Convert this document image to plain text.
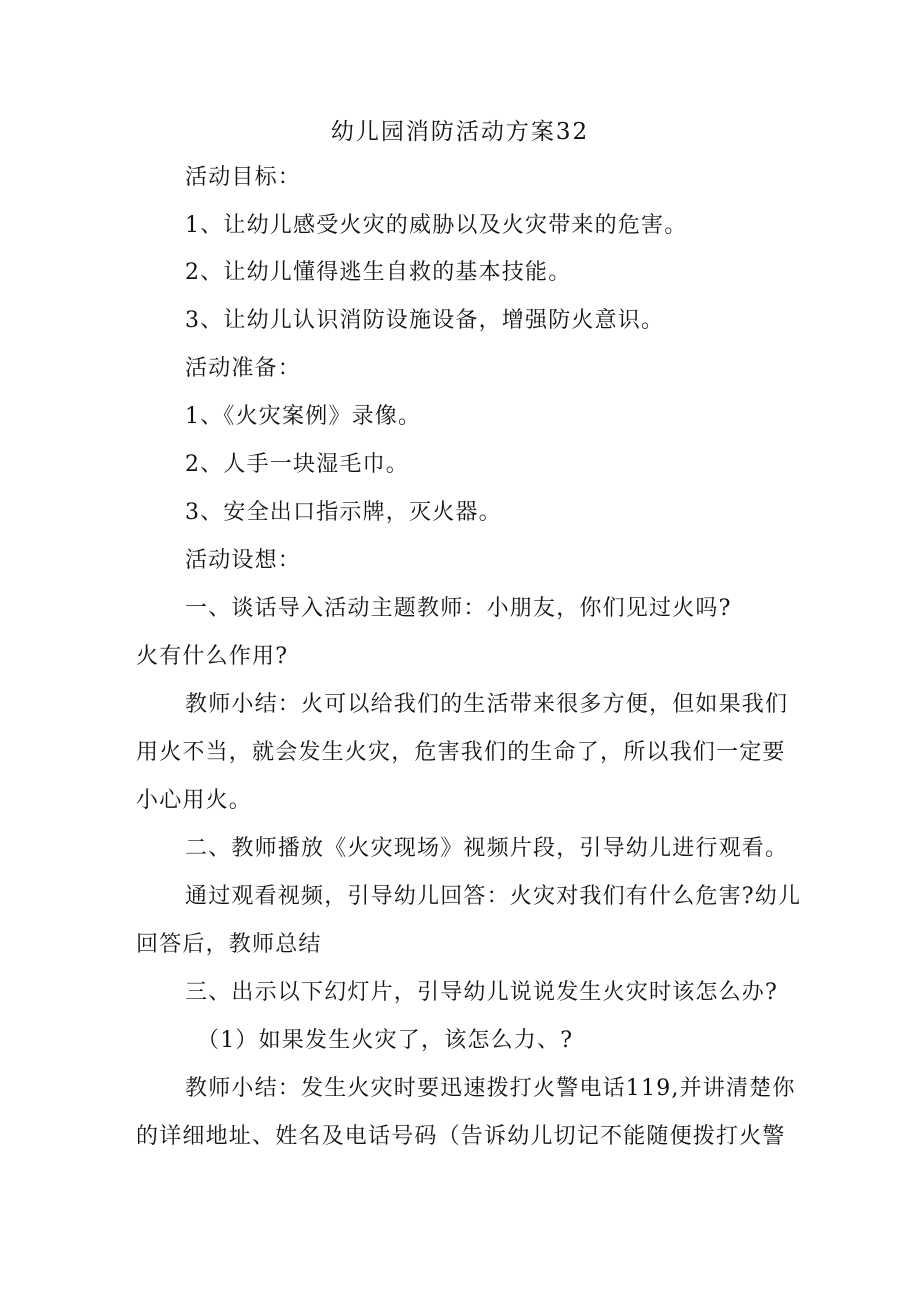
幼儿园消防活动方案32
活动目标：
1、让幼儿感受火灾的威胁以及火灾带来的危害。
2、让幼儿懂得逃生自救的基本技能。
3、让幼儿认识消防设施设备，增强防火意识。
活动准备：
1、《火灾案例》录像。
2、人手一块湿毛巾。
3、安全出口指示牌，灭火器。
活动设想：
一、谈话导入活动主题教师：小朋友，你们见过火吗?
火有什么作用?
教师小结：火可以给我们的生活带来很多方便，但如果我们
用火不当，就会发生火灾，危害我们的生命了，所以我们一定要
小心用火。
二、教师播放《火灾现场》视频片段，引导幼儿进行观看。
通过观看视频，引导幼儿回答：火灾对我们有什么危害?幼儿
回答后，教师总结
三、出示以下幻灯片，引导幼儿说说发生火灾时该怎么办?
（1）如果发生火灾了，该怎么力、?
教师小结：发生火灾时要迅速拨打火警电话119,并讲清楚你
的详细地址、姓名及电话号码（告诉幼儿切记不能随便拨打火警
